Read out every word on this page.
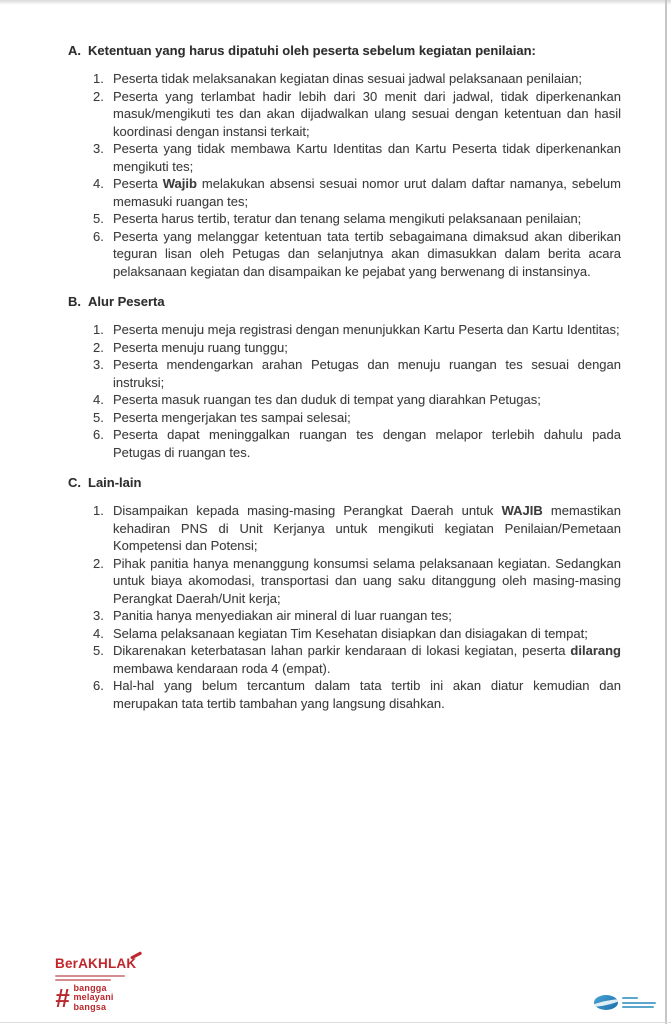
A. Ketentuan yang harus dipatuhi oleh peserta sebelum kegiatan penilaian:
Peserta tidak melaksanakan kegiatan dinas sesuai jadwal pelaksanaan penilaian;
Peserta yang terlambat hadir lebih dari 30 menit dari jadwal, tidak diperkenankan masuk/mengikuti tes dan akan dijadwalkan ulang sesuai dengan ketentuan dan hasil koordinasi dengan instansi terkait;
Peserta yang tidak membawa Kartu Identitas dan Kartu Peserta tidak diperkenankan mengikuti tes;
Peserta Wajib melakukan absensi sesuai nomor urut dalam daftar namanya, sebelum memasuki ruangan tes;
Peserta harus tertib, teratur dan tenang selama mengikuti pelaksanaan penilaian;
Peserta yang melanggar ketentuan tata tertib sebagaimana dimaksud akan diberikan teguran lisan oleh Petugas dan selanjutnya akan dimasukkan dalam berita acara pelaksanaan kegiatan dan disampaikan ke pejabat yang berwenang di instansinya.
B. Alur Peserta
Peserta menuju meja registrasi dengan menunjukkan Kartu Peserta dan Kartu Identitas;
Peserta menuju ruang tunggu;
Peserta mendengarkan arahan Petugas dan menuju ruangan tes sesuai dengan instruksi;
Peserta masuk ruangan tes dan duduk di tempat yang diarahkan Petugas;
Peserta mengerjakan tes sampai selesai;
Peserta dapat meninggalkan ruangan tes dengan melapor terlebih dahulu pada Petugas di ruangan tes.
C. Lain-lain
Disampaikan kepada masing-masing Perangkat Daerah untuk WAJIB memastikan kehadiran PNS di Unit Kerjanya untuk mengikuti kegiatan Penilaian/Pemetaan Kompetensi dan Potensi;
Pihak panitia hanya menanggung konsumsi selama pelaksanaan kegiatan. Sedangkan untuk biaya akomodasi, transportasi dan uang saku ditanggung oleh masing-masing Perangkat Daerah/Unit kerja;
Panitia hanya menyediakan air mineral di luar ruangan tes;
Selama pelaksanaan kegiatan Tim Kesehatan disiapkan dan disiagakan di tempat;
Dikarenakan keterbatasan lahan parkir kendaraan di lokasi kegiatan, peserta dilarang membawa kendaraan roda 4 (empat).
Hal-hal yang belum tercantum dalam tata tertib ini akan diatur kemudian dan merupakan tata tertib tambahan yang langsung disahkan.
BerAKHLAK
# bangga
melayani
bangsa
